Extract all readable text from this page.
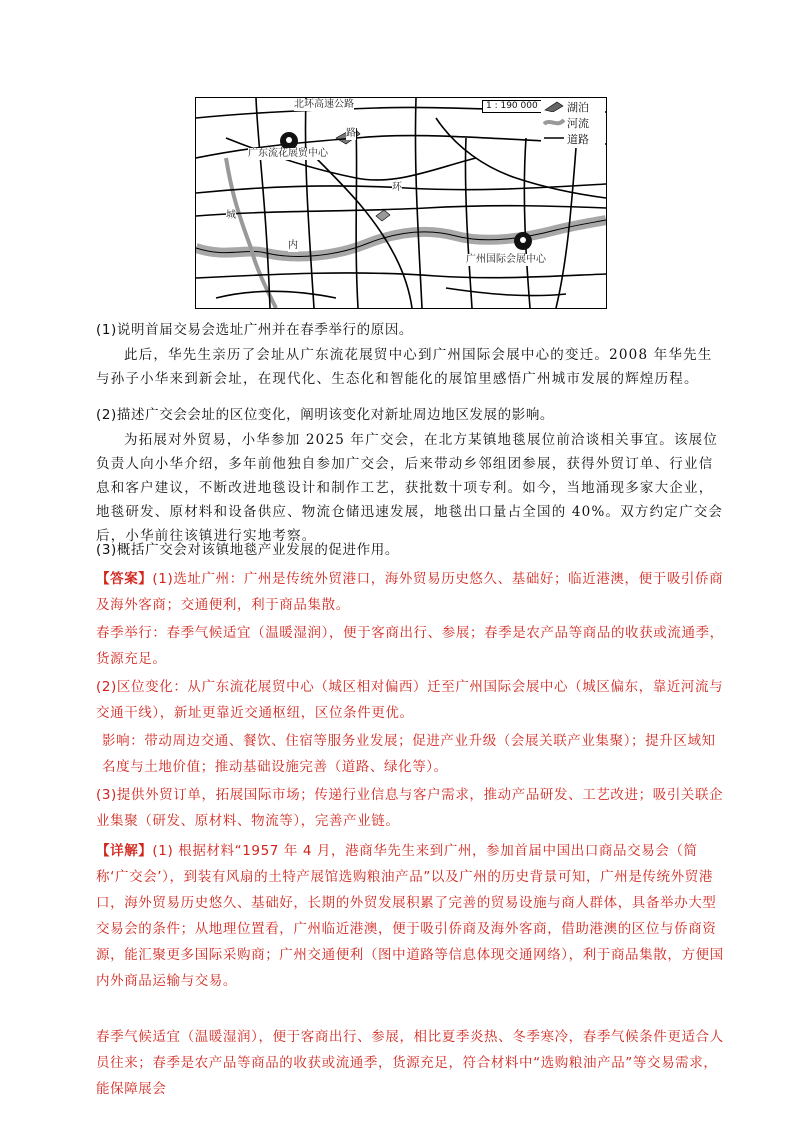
北环高速公路
广东流花展贸中心
广州国际会展中心
环
路
城
内
1 : 190 000	湖泊
河流
道路
(1)说明首届交易会选址广州并在春季举行的原因。
此后，华先生亲历了会址从广东流花展贸中心到广州国际会展中心的变迁。2008 年华先生与孙子小华来到新会址，在现代化、生态化和智能化的展馆里感悟广州城市发展的辉煌历程。
(2)描述广交会会址的区位变化，阐明该变化对新址周边地区发展的影响。
为拓展对外贸易，小华参加 2025 年广交会，在北方某镇地毯展位前洽谈相关事宜。该展位负责人向小华介绍，多年前他独自参加广交会，后来带动乡邻组团参展，获得外贸订单、行业信息和客户建议，不断改进地毯设计和制作工艺，获批数十项专利。如今，当地涌现多家大企业，地毯研发、原材料和设备供应、物流仓储迅速发展，地毯出口量占全国的 40%。双方约定广交会后，小华前往该镇进行实地考察。
(3)概括广交会对该镇地毯产业发展的促进作用。
【答案】(1)选址广州：广州是传统外贸港口，海外贸易历史悠久、基础好；临近港澳，便于吸引侨商及海外客商；交通便利，利于商品集散。
春季举行：春季气候适宜（温暖湿润），便于客商出行、参展；春季是农产品等商品的收获或流通季，货源充足。
(2)区位变化：从广东流花展贸中心（城区相对偏西）迁至广州国际会展中心（城区偏东，靠近河流与交通干线），新址更靠近交通枢纽，区位条件更优。
影响：带动周边交通、餐饮、住宿等服务业发展；促进产业升级（会展关联产业集聚）；提升区域知名度与土地价值；推动基础设施完善（道路、绿化等）。
(3)提供外贸订单，拓展国际市场；传递行业信息与客户需求，推动产品研发、工艺改进；吸引关联企业集聚（研发、原材料、物流等），完善产业链。
【详解】(1) 根据材料“1957 年 4 月，港商华先生来到广州，参加首届中国出口商品交易会（简称‘广交会’），到装有风扇的土特产展馆选购粮油产品”以及广州的历史背景可知，广州是传统外贸港口，海外贸易历史悠久、基础好，长期的外贸发展积累了完善的贸易设施与商人群体，具备举办大型交易会的条件；从地理位置看，广州临近港澳，便于吸引侨商及海外客商，借助港澳的区位与侨商资源，能汇聚更多国际采购商；广州交通便利（图中道路等信息体现交通网络），利于商品集散，方便国内外商品运输与交易。
春季气候适宜（温暖湿润），便于客商出行、参展，相比夏季炎热、冬季寒冷，春季气候条件更适合人员往来；春季是农产品等商品的收获或流通季，货源充足，符合材料中“选购粮油产品”等交易需求，能保障展会
